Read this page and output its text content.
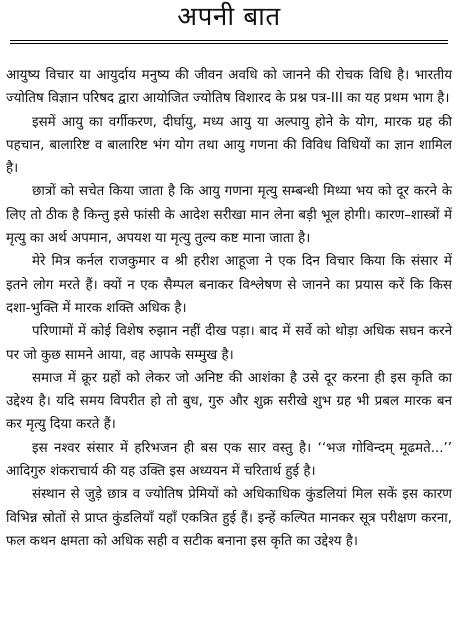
अपनी बात

आयुष्य विचार या आयुर्दाय मनुष्य की जीवन अवधि को जानने की रोचक विधि है। भारतीय ज्योतिष विज्ञान परिषद द्वारा आयोजित ज्योतिष विशारद के प्रश्न पत्र-III का यह प्रथम भाग है।

इसमें आयु का वर्गीकरण, दीर्घायु, मध्य आयु या अल्पायु होने के योग, मारक ग्रह की पहचान, बालारिष्ट व बालारिष्ट भंग योग तथा आयु गणना की विविध विधियों का ज्ञान शामिल है।

छात्रों को सचेत किया जाता है कि आयु गणना मृत्यु सम्बन्धी मिथ्या भय को दूर करने के लिए तो ठीक है किन्तु इसे फांसी के आदेश सरीखा मान लेना बड़ी भूल होगी। कारण–शास्त्रों में मृत्यु का अर्थ अपमान, अपयश या मृत्यु तुल्य कष्ट माना जाता है।

मेरे मित्र कर्नल राजकुमार व श्री हरीश आहूजा ने एक दिन विचार किया कि संसार में इतने लोग मरते हैं। क्यों न एक सैम्पल बनाकर विश्लेषण से जानने का प्रयास करें कि किस दशा-भुक्ति में मारक शक्ति अधिक है।

परिणामों में कोई विशेष रुझान नहीं दीख पड़ा। बाद में सर्वे को थोड़ा अधिक सघन करने पर जो कुछ सामने आया, वह आपके सम्मुख है।

समाज में क्रूर ग्रहों को लेकर जो अनिष्ट की आशंका है उसे दूर करना ही इस कृति का उद्देश्य है। यदि समय विपरीत हो तो बुध, गुरु और शुक्र सरीखे शुभ ग्रह भी प्रबल मारक बन कर मृत्यु दिया करते हैं।

इस नश्वर संसार में हरिभजन ही बस एक सार वस्तु है। ‘‘भज गोविन्दम् मूढमते...’’ आदिगुरु शंकराचार्य की यह उक्ति इस अध्ययन में चरितार्थ हुई है।

संस्थान से जुड़े छात्र व ज्योतिष प्रेमियों को अधिकाधिक कुंडलियां मिल सकें इस कारण विभिन्न स्रोतों से प्राप्त कुंडलियाँ यहाँ एकत्रित हुई हैं। इन्हें कल्पित मानकर सूत्र परीक्षण करना, फल कथन क्षमता को अधिक सही व सटीक बनाना इस कृति का उद्देश्य है।
